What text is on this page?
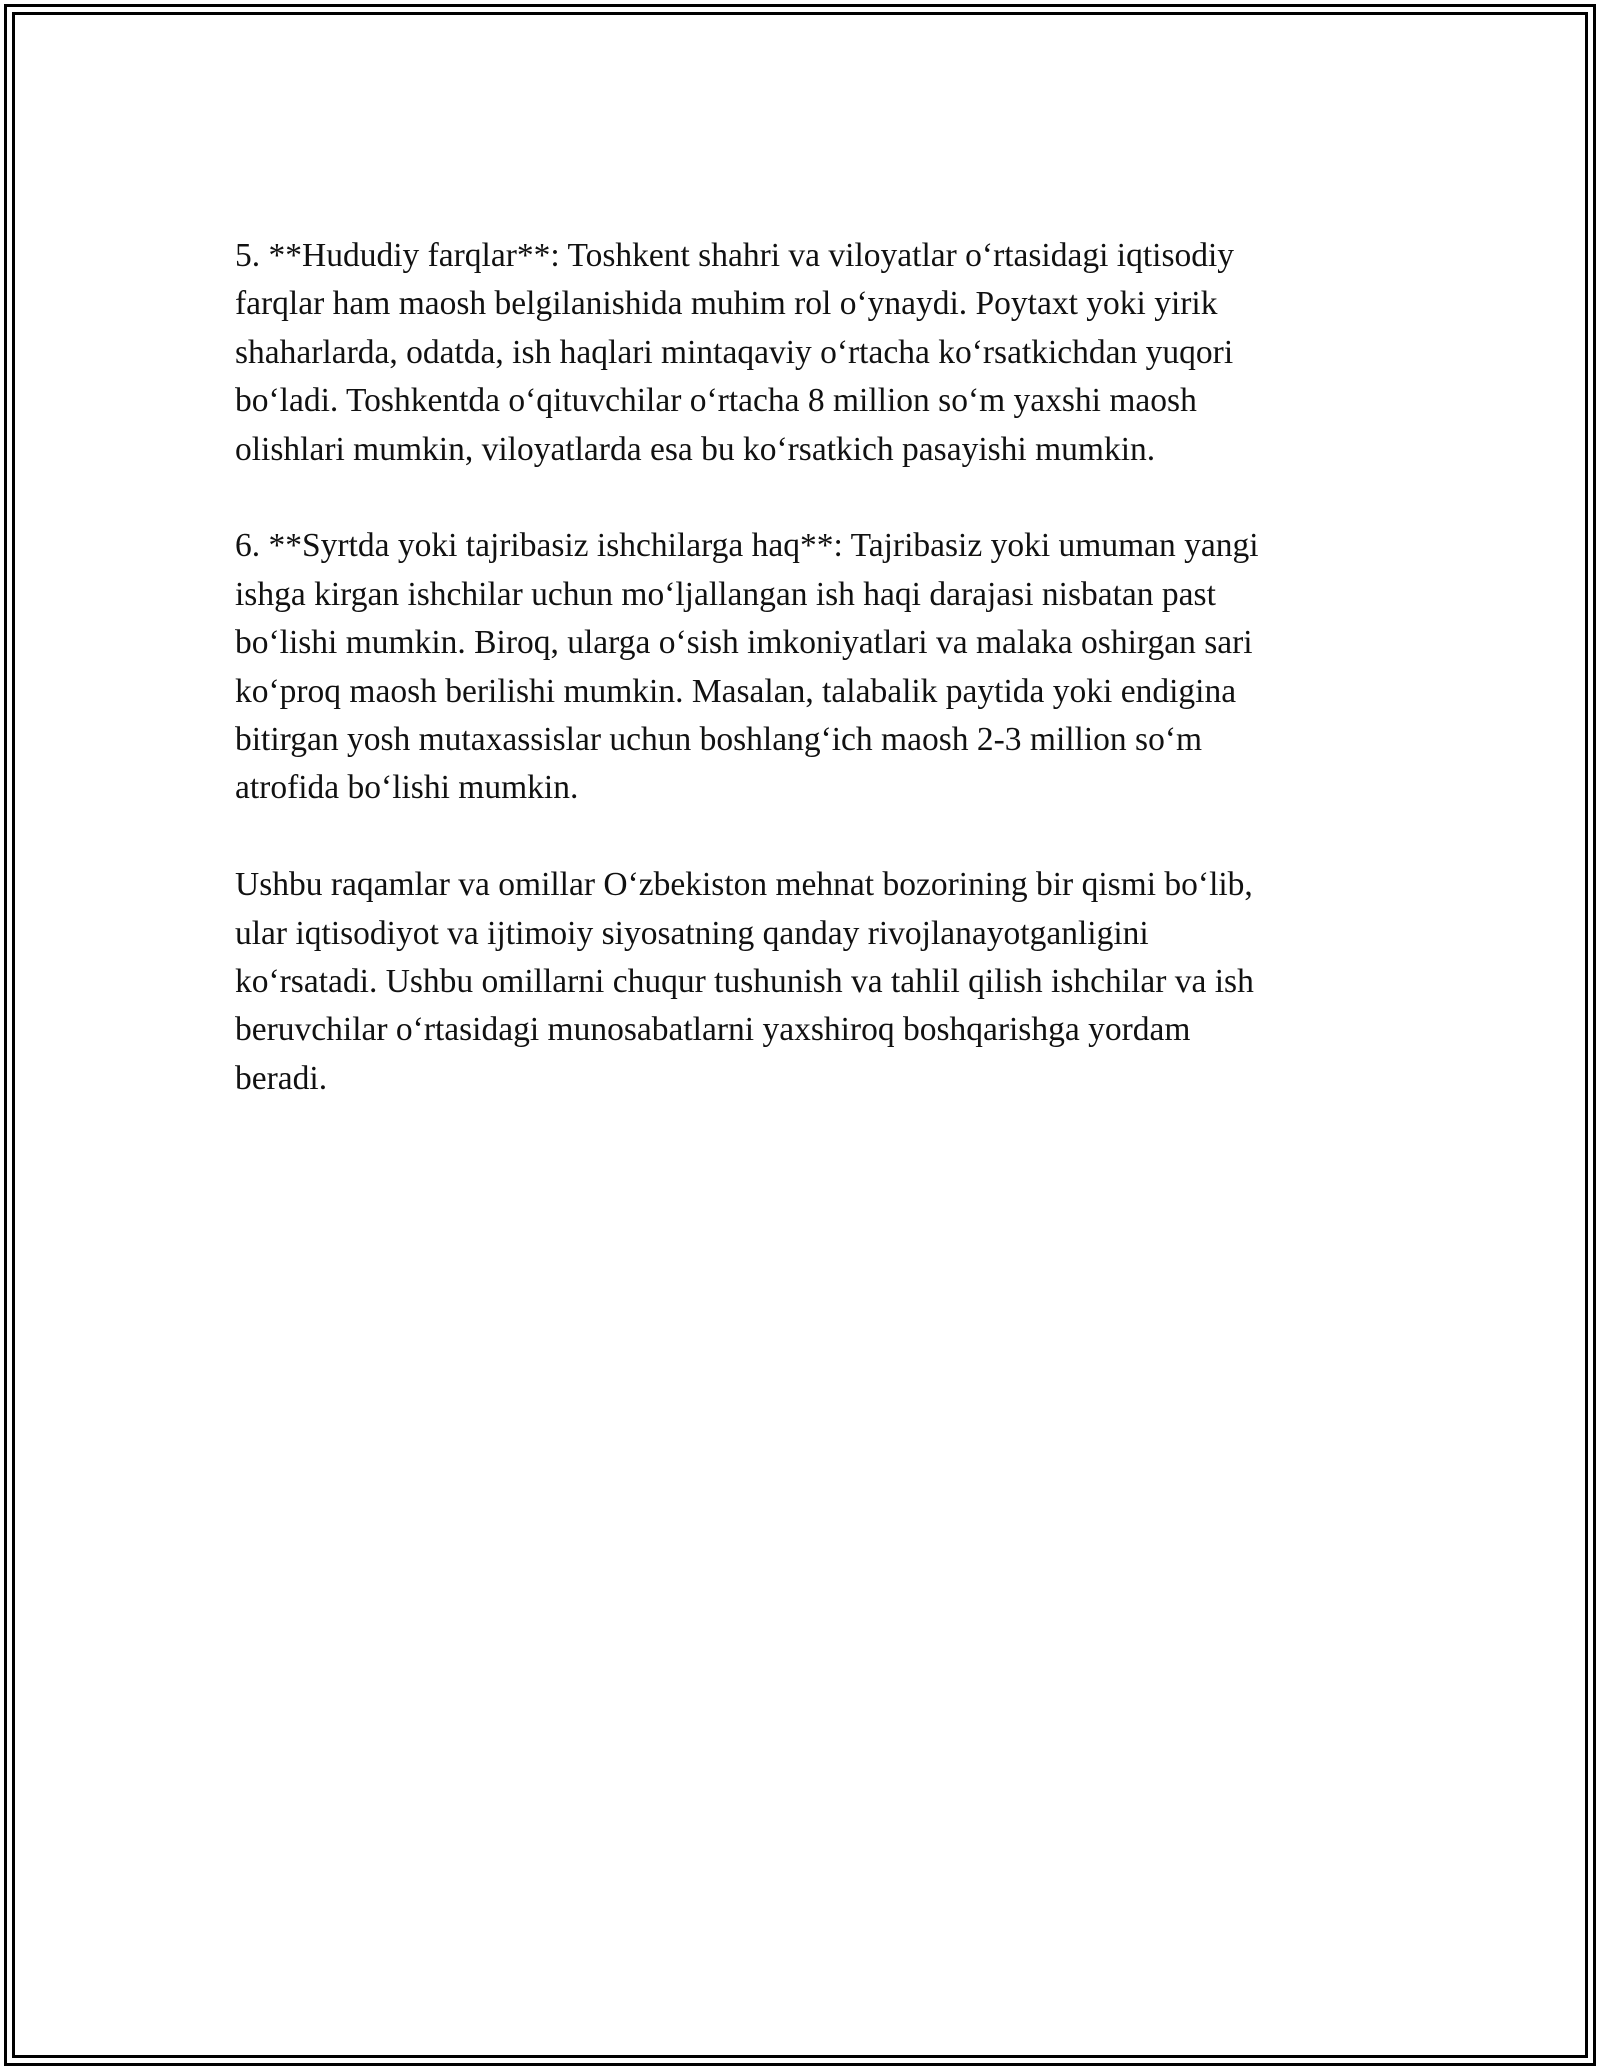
5. **Hududiy farqlar**: Toshkent shahri va viloyatlar o‘rtasidagi iqtisodiy
farqlar ham maosh belgilanishida muhim rol o‘ynaydi. Poytaxt yoki yirik
shaharlarda, odatda, ish haqlari mintaqaviy o‘rtacha ko‘rsatkichdan yuqori
bo‘ladi. Toshkentda o‘qituvchilar o‘rtacha 8 million so‘m yaxshi maosh
olishlari mumkin, viloyatlarda esa bu ko‘rsatkich pasayishi mumkin.

6. **Syrtda yoki tajribasiz ishchilarga haq**: Tajribasiz yoki umuman yangi
ishga kirgan ishchilar uchun mo‘ljallangan ish haqi darajasi nisbatan past
bo‘lishi mumkin. Biroq, ularga o‘sish imkoniyatlari va malaka oshirgan sari
ko‘proq maosh berilishi mumkin. Masalan, talabalik paytida yoki endigina
bitirgan yosh mutaxassislar uchun boshlang‘ich maosh 2-3 million so‘m
atrofida bo‘lishi mumkin.

Ushbu raqamlar va omillar O‘zbekiston mehnat bozorining bir qismi bo‘lib,
ular iqtisodiyot va ijtimoiy siyosatning qanday rivojlanayotganligini
ko‘rsatadi. Ushbu omillarni chuqur tushunish va tahlil qilish ishchilar va ish
beruvchilar o‘rtasidagi munosabatlarni yaxshiroq boshqarishga yordam
beradi.
